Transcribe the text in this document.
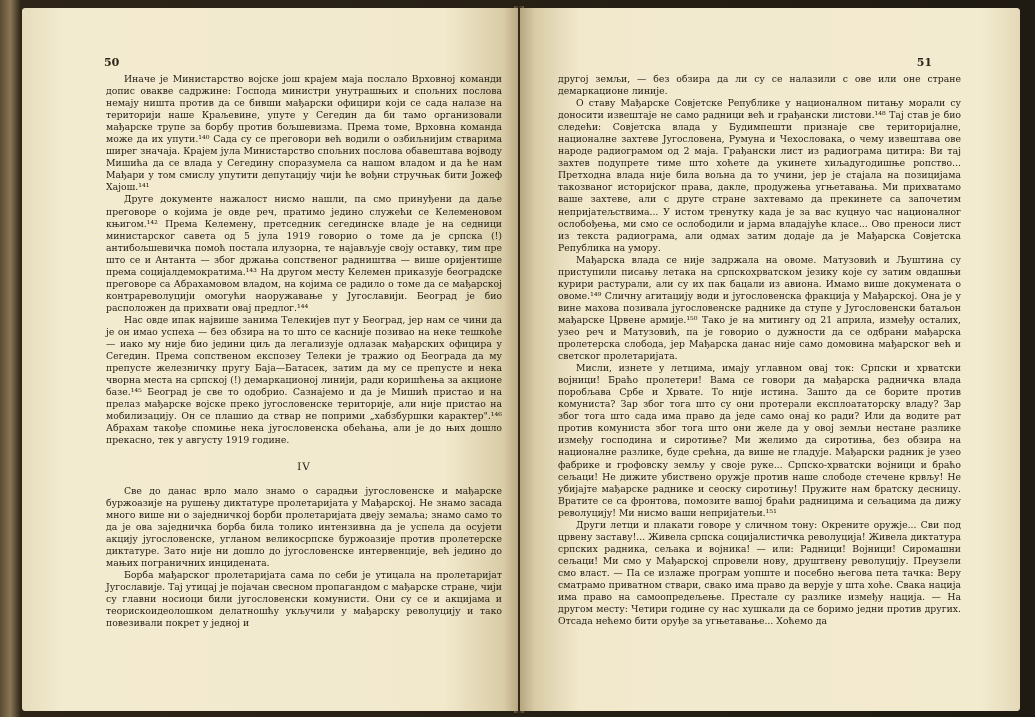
50

Иначе је Министарство војске још крајем маја послало Врховној команди допис овакве садржине: Господа министри унутрашњих и спољних послова немају ништа против да се бивши мађарски официри који се сада налазе на територији наше Краљевине, упуте у Сегедин да би тамо организовали мађарске трупе за борбу против бољшевизма. Према томе, Врховна команда може да их упути.¹⁴⁰ Сада су се преговори већ водили о озбиљнијим стварима ширег значаја. Крајем јула Министарство спољних послова обавештава војводу Мишића да се влада у Сегедину споразумела са нашом владом и да ће нам Мађари у том смислу упутити депутацију чији ће вођни стручњак бити Јожеф Хајош.¹⁴¹

Друге документе нажалост нисмо нашли, па смо принуђени да даље преговоре о којима је овде реч, пратимо једино служећи се Келеменовом књигом.¹⁴² Према Келемену, претседник сегединске владе је на седници министарског савета од 5 јула 1919 говорио о томе да је српска (!) антибољшевичка помоћ постала илузорна, те најављује своју оставку, тим пре што се и Антанта — због држања сопственог радништва — више оријентише према социјалдемократима.¹⁴³ На другом месту Келемен приказује београдске преговоре са Абрахамовом владом, на којима се радило о томе да се мађарској контрареволуцији омогући наоружавање у Југославији. Београд је био расположен да прихвати овај предлог.¹⁴⁴

Нас овде ипак највише занима Телекијев пут у Београд, јер нам се чини да је он имао успеха — без обзира на то што се касније позивао на неке тешкоће — иако му није био једини циљ да легализује одлазак мађарских официра у Сегедин. Према сопственом експозеу Телеки је тражио од Београда да му препусте железничку пругу Баја—Батасек, затим да му се препусте и нека чворна места на српској (!) демаркационој линији, ради коришћења за акционе базе.¹⁴⁵ Београд је све то одобрио. Сазнајемо и да је Мишић пристао и на прелаз мађарске војске преко југословенске територије, али није пристао на мобилизацију. Он се плашио да ствар не поприми „хабзбуршки карактер".¹⁴⁶ Абрахам такође спомиње нека југословенска обећања, али је до њих дошло прекасно, тек у августу 1919 године.

IV

Све до данас врло мало знамо о сарадњи југословенске и мађарске буржоазије на рушењу диктатуре пролетаријата у Мађарској. Не знамо засада много више ни о заједничкој борби пролетаријата двеју земаља; знамо само то да је ова заједничка борба била толико интензивна да је успела да осујети акцију југословенске, угланом великосрпске буржоазије против пролетерске диктатуре. Зато није ни дошло до југословенске интервенције, већ једино до мањих пограничних инцидената.

Борба мађарског пролетаријата сама по себи је утицала на пролетаријат Југославије. Тај утицај је појачан свесном пропагандом с мађарске стране, чији су главни носиоци били југословенски комунисти. Они су се и акцијама и теорискоидеолошком делатношћу укључили у мађарску револуцију и тако повезивали покрет у једној и

51

другој земљи, — без обзира да ли су се налазили с ове или оне стране демаркационе линије.

О ставу Мађарске Совјетске Републике у националном питању морали су доносити извештаје не само радници већ и грађански листови.¹⁴⁸ Тај став је био следећи: Совјетска влада у Будимпешти признаје све територијалне, националне захтеве Југословена, Румуна и Чехословака, о чему извештава ове народе радиограмом од 2 маја. Грађански лист из радиограма цитира: Ви тај захтев подупрете тиме што хоћете да укинете хиљадугодишње ропство... Претходна влада није била вољна да то учини, јер је стајала на позицијама такозваног историјског права, дакле, продужења угњетавања. Ми прихватамо ваше захтеве, али с друге стране захтевамо да прекинете са започетим непријатељствима... У истом тренутку када је за вас куцнуо час националног ослобођења, ми смо се ослободили и јарма владајуће класе... Ово преноси лист из текста радиограма, али одмах затим додаје да је Мађарска Совјетска Република на умору.

Мађарска влада се није задржала на овоме. Матузовић и Љуштина су приступили писању летака на српскохрватском језику које су затим овдашњи курири растурали, али су их пак бацали из авиона. Имамо више докумената о овоме.¹⁴⁹ Сличну агитацију води и југословенска фракција у Мађарској. Она је у вине махова позивала југословенске раднике да ступе у Југословенски батаљон мађарске Црвене армије.¹⁵⁰ Тако је на митингу од 21 априла, између осталих, узео реч и Матузовић, па је говорио о дужности да се одбрани мађарска пролетерска слобода, јер Мађарска данас није само домовина мађарског већ и светског пролетаријата.

Мисли, изнете у летцима, имају углавном овај ток: Српски и хрватски војници! Браћо пролетери! Вама се говори да мађарска радничка влада поробљава Србе и Хрвате. То није истина. Зашто да се борите против комуниста? Зар због тога што су они протерали експлоататорску владу? Зар због тога што сада има право да једе само онај ко ради? Или да водите рат против комуниста због тога што они желе да у овој земљи нестане разлике између господина и сиротиње? Ми желимо да сиротиња, без обзира на националне разлике, буде срећна, да више не гладује. Мађарски радник је узео фабрике и грофовску земљу у своје руке... Српско-хрватски војници и браћо сељаци! Не дижите убиствено оружје против наше слободе стечене крвљу! Не убијајте мађарске раднике и сеоску сиротињу! Пружите нам братску десницу. Вратите се са фронтова, помозите вашој браћи радницима и сељацима да дижу револуцију! Ми нисмо ваши непријатељи.¹⁵¹

Други летци и плакати говоре у сличном тону: Окрените оружје... Сви под црвену заставу!... Живела српска социјалистичка револуција! Живела диктатура српских радника, сељака и војника! — или: Радници! Војници! Сиромашни сељаци! Ми смо у Мађарској спровели нову, друштвену револуцију. Преузели смо власт. — Па се излаже програм уопште и посебно његова пета тачка: Веру сматрамо приватном ствари, свако има право да верује у шта хоће. Свака нација има право на самоопредељење. Престале су разлике између нација. — На другом месту: Четири године су нас хушкали да се боримо једни против других. Отсада нећемо бити оруђе за угњетавање... Хоћемо да
